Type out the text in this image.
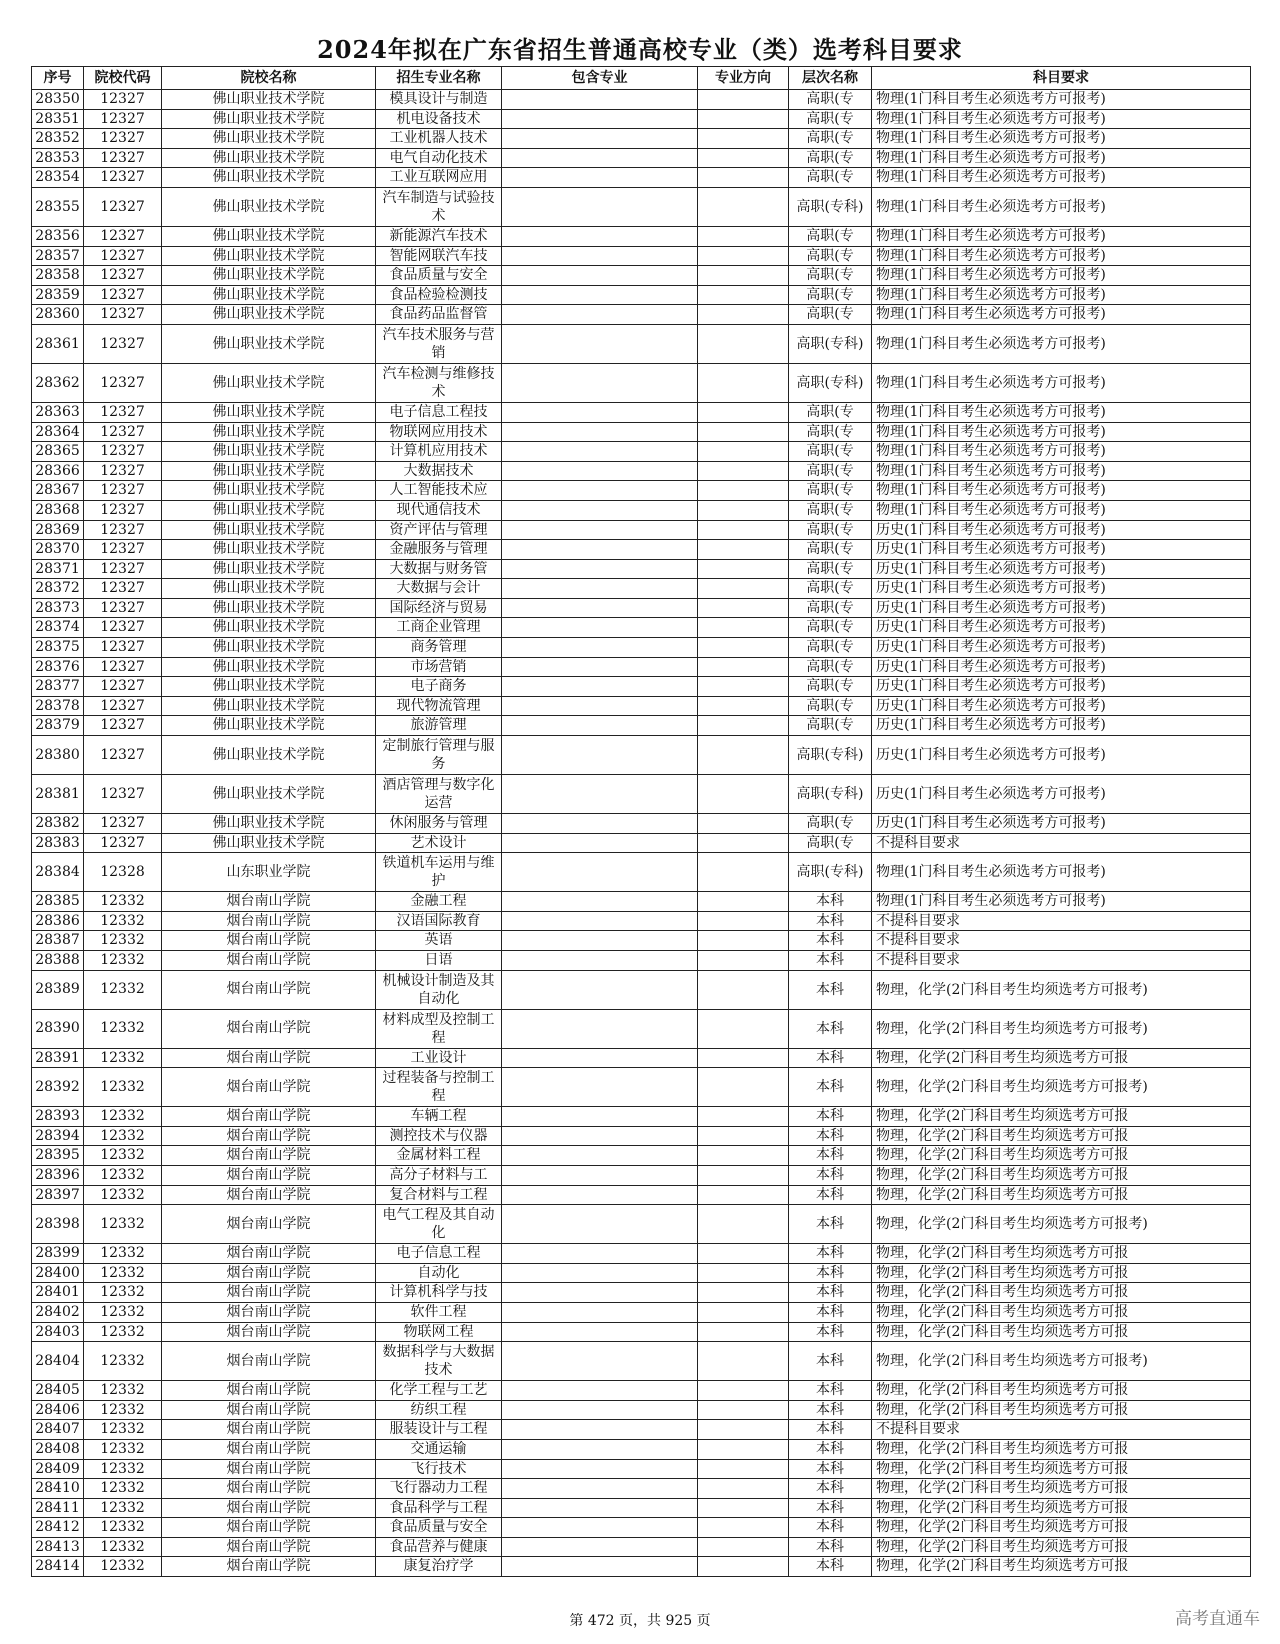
2024年拟在广东省招生普通高校专业（类）选考科目要求
序号	院校代码	院校名称	招生专业名称	包含专业	专业方向	层次名称	科目要求
28350	12327	佛山职业技术学院	模具设计与制造			高职(专	物理(1门科目考生必须选考方可报考)
28351	12327	佛山职业技术学院	机电设备技术			高职(专	物理(1门科目考生必须选考方可报考)
28352	12327	佛山职业技术学院	工业机器人技术			高职(专	物理(1门科目考生必须选考方可报考)
28353	12327	佛山职业技术学院	电气自动化技术			高职(专	物理(1门科目考生必须选考方可报考)
28354	12327	佛山职业技术学院	工业互联网应用			高职(专	物理(1门科目考生必须选考方可报考)
28355	12327	佛山职业技术学院	汽车制造与试验技术			高职(专科)	物理(1门科目考生必须选考方可报考)
28356	12327	佛山职业技术学院	新能源汽车技术			高职(专	物理(1门科目考生必须选考方可报考)
28357	12327	佛山职业技术学院	智能网联汽车技			高职(专	物理(1门科目考生必须选考方可报考)
28358	12327	佛山职业技术学院	食品质量与安全			高职(专	物理(1门科目考生必须选考方可报考)
28359	12327	佛山职业技术学院	食品检验检测技			高职(专	物理(1门科目考生必须选考方可报考)
28360	12327	佛山职业技术学院	食品药品监督管			高职(专	物理(1门科目考生必须选考方可报考)
28361	12327	佛山职业技术学院	汽车技术服务与营销			高职(专科)	物理(1门科目考生必须选考方可报考)
28362	12327	佛山职业技术学院	汽车检测与维修技术			高职(专科)	物理(1门科目考生必须选考方可报考)
28363	12327	佛山职业技术学院	电子信息工程技			高职(专	物理(1门科目考生必须选考方可报考)
28364	12327	佛山职业技术学院	物联网应用技术			高职(专	物理(1门科目考生必须选考方可报考)
28365	12327	佛山职业技术学院	计算机应用技术			高职(专	物理(1门科目考生必须选考方可报考)
28366	12327	佛山职业技术学院	大数据技术			高职(专	物理(1门科目考生必须选考方可报考)
28367	12327	佛山职业技术学院	人工智能技术应			高职(专	物理(1门科目考生必须选考方可报考)
28368	12327	佛山职业技术学院	现代通信技术			高职(专	物理(1门科目考生必须选考方可报考)
28369	12327	佛山职业技术学院	资产评估与管理			高职(专	历史(1门科目考生必须选考方可报考)
28370	12327	佛山职业技术学院	金融服务与管理			高职(专	历史(1门科目考生必须选考方可报考)
28371	12327	佛山职业技术学院	大数据与财务管			高职(专	历史(1门科目考生必须选考方可报考)
28372	12327	佛山职业技术学院	大数据与会计			高职(专	历史(1门科目考生必须选考方可报考)
28373	12327	佛山职业技术学院	国际经济与贸易			高职(专	历史(1门科目考生必须选考方可报考)
28374	12327	佛山职业技术学院	工商企业管理			高职(专	历史(1门科目考生必须选考方可报考)
28375	12327	佛山职业技术学院	商务管理			高职(专	历史(1门科目考生必须选考方可报考)
28376	12327	佛山职业技术学院	市场营销			高职(专	历史(1门科目考生必须选考方可报考)
28377	12327	佛山职业技术学院	电子商务			高职(专	历史(1门科目考生必须选考方可报考)
28378	12327	佛山职业技术学院	现代物流管理			高职(专	历史(1门科目考生必须选考方可报考)
28379	12327	佛山职业技术学院	旅游管理			高职(专	历史(1门科目考生必须选考方可报考)
28380	12327	佛山职业技术学院	定制旅行管理与服务			高职(专科)	历史(1门科目考生必须选考方可报考)
28381	12327	佛山职业技术学院	酒店管理与数字化运营			高职(专科)	历史(1门科目考生必须选考方可报考)
28382	12327	佛山职业技术学院	休闲服务与管理			高职(专	历史(1门科目考生必须选考方可报考)
28383	12327	佛山职业技术学院	艺术设计			高职(专	不提科目要求
28384	12328	山东职业学院	铁道机车运用与维护			高职(专科)	物理(1门科目考生必须选考方可报考)
28385	12332	烟台南山学院	金融工程			本科	物理(1门科目考生必须选考方可报考)
28386	12332	烟台南山学院	汉语国际教育			本科	不提科目要求
28387	12332	烟台南山学院	英语			本科	不提科目要求
28388	12332	烟台南山学院	日语			本科	不提科目要求
28389	12332	烟台南山学院	机械设计制造及其自动化			本科	物理，化学(2门科目考生均须选考方可报考)
28390	12332	烟台南山学院	材料成型及控制工程			本科	物理，化学(2门科目考生均须选考方可报考)
28391	12332	烟台南山学院	工业设计			本科	物理，化学(2门科目考生均须选考方可报
28392	12332	烟台南山学院	过程装备与控制工程			本科	物理，化学(2门科目考生均须选考方可报考)
28393	12332	烟台南山学院	车辆工程			本科	物理，化学(2门科目考生均须选考方可报
28394	12332	烟台南山学院	测控技术与仪器			本科	物理，化学(2门科目考生均须选考方可报
28395	12332	烟台南山学院	金属材料工程			本科	物理，化学(2门科目考生均须选考方可报
28396	12332	烟台南山学院	高分子材料与工			本科	物理，化学(2门科目考生均须选考方可报
28397	12332	烟台南山学院	复合材料与工程			本科	物理，化学(2门科目考生均须选考方可报
28398	12332	烟台南山学院	电气工程及其自动化			本科	物理，化学(2门科目考生均须选考方可报考)
28399	12332	烟台南山学院	电子信息工程			本科	物理，化学(2门科目考生均须选考方可报
28400	12332	烟台南山学院	自动化			本科	物理，化学(2门科目考生均须选考方可报
28401	12332	烟台南山学院	计算机科学与技			本科	物理，化学(2门科目考生均须选考方可报
28402	12332	烟台南山学院	软件工程			本科	物理，化学(2门科目考生均须选考方可报
28403	12332	烟台南山学院	物联网工程			本科	物理，化学(2门科目考生均须选考方可报
28404	12332	烟台南山学院	数据科学与大数据技术			本科	物理，化学(2门科目考生均须选考方可报考)
28405	12332	烟台南山学院	化学工程与工艺			本科	物理，化学(2门科目考生均须选考方可报
28406	12332	烟台南山学院	纺织工程			本科	物理，化学(2门科目考生均须选考方可报
28407	12332	烟台南山学院	服装设计与工程			本科	不提科目要求
28408	12332	烟台南山学院	交通运输			本科	物理，化学(2门科目考生均须选考方可报
28409	12332	烟台南山学院	飞行技术			本科	物理，化学(2门科目考生均须选考方可报
28410	12332	烟台南山学院	飞行器动力工程			本科	物理，化学(2门科目考生均须选考方可报
28411	12332	烟台南山学院	食品科学与工程			本科	物理，化学(2门科目考生均须选考方可报
28412	12332	烟台南山学院	食品质量与安全			本科	物理，化学(2门科目考生均须选考方可报
28413	12332	烟台南山学院	食品营养与健康			本科	物理，化学(2门科目考生均须选考方可报
28414	12332	烟台南山学院	康复治疗学			本科	物理，化学(2门科目考生均须选考方可报
第 472 页，共 925 页	高考直通车
